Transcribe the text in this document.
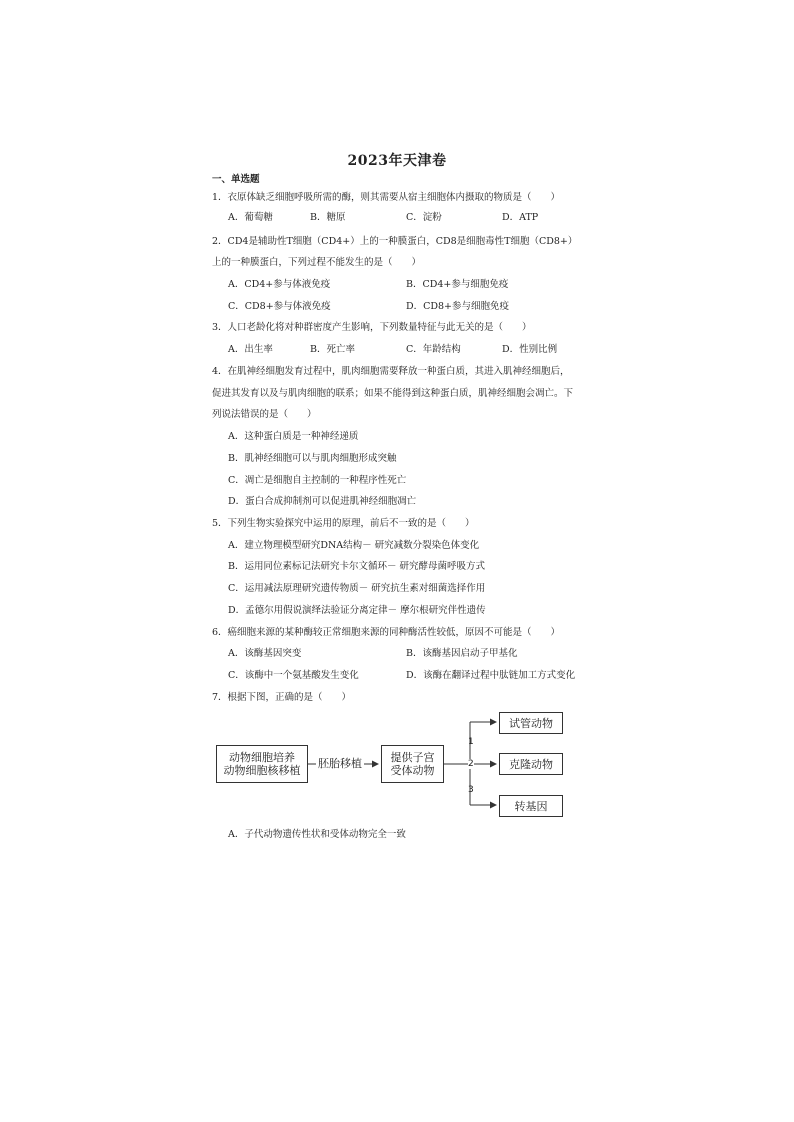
2023年天津卷
一、单选题
1．衣原体缺乏细胞呼吸所需的酶，则其需要从宿主细胞体内摄取的物质是（　　）
A．葡萄糖	B．糖原	C．淀粉	D．ATP
2．CD4是辅助性T细胞（CD4+）上的一种膜蛋白，CD8是细胞毒性T细胞（CD8+）
上的一种膜蛋白，下列过程不能发生的是（　　）
A．CD4+参与体液免疫	B．CD4+参与细胞免疫
C．CD8+参与体液免疫	D．CD8+参与细胞免疫
3．人口老龄化将对种群密度产生影响，下列数量特征与此无关的是（　　）
A．出生率	B．死亡率	C．年龄结构	D．性别比例
4．在肌神经细胞发育过程中，肌肉细胞需要释放一种蛋白质，其进入肌神经细胞后，
促进其发育以及与肌肉细胞的联系；如果不能得到这种蛋白质，肌神经细胞会凋亡。下
列说法错误的是（　　）
A．这种蛋白质是一种神经递质
B．肌神经细胞可以与肌肉细胞形成突触
C．凋亡是细胞自主控制的一种程序性死亡
D．蛋白合成抑制剂可以促进肌神经细胞凋亡
5．下列生物实验探究中运用的原理，前后不一致的是（　　）
A．建立物理模型研究DNA结构－ 研究减数分裂染色体变化
B．运用同位素标记法研究卡尔文循环－ 研究酵母菌呼吸方式
C．运用减法原理研究遗传物质－ 研究抗生素对细菌选择作用
D．孟德尔用假说演绎法验证分离定律－ 摩尔根研究伴性遗传
6．癌细胞来源的某种酶较正常细胞来源的同种酶活性较低，原因不可能是（　　）
A．该酶基因突变	B．该酶基因启动子甲基化
C．该酶中一个氨基酸发生变化	D．该酶在翻译过程中肽链加工方式变化
7．根据下图，正确的是（　　）
动物细胞培养
动物细胞核移植
胚胎移植	提供子宫
受体动物
试管动物
克隆动物
转基因
1
2
3
A．子代动物遗传性状和受体动物完全一致
